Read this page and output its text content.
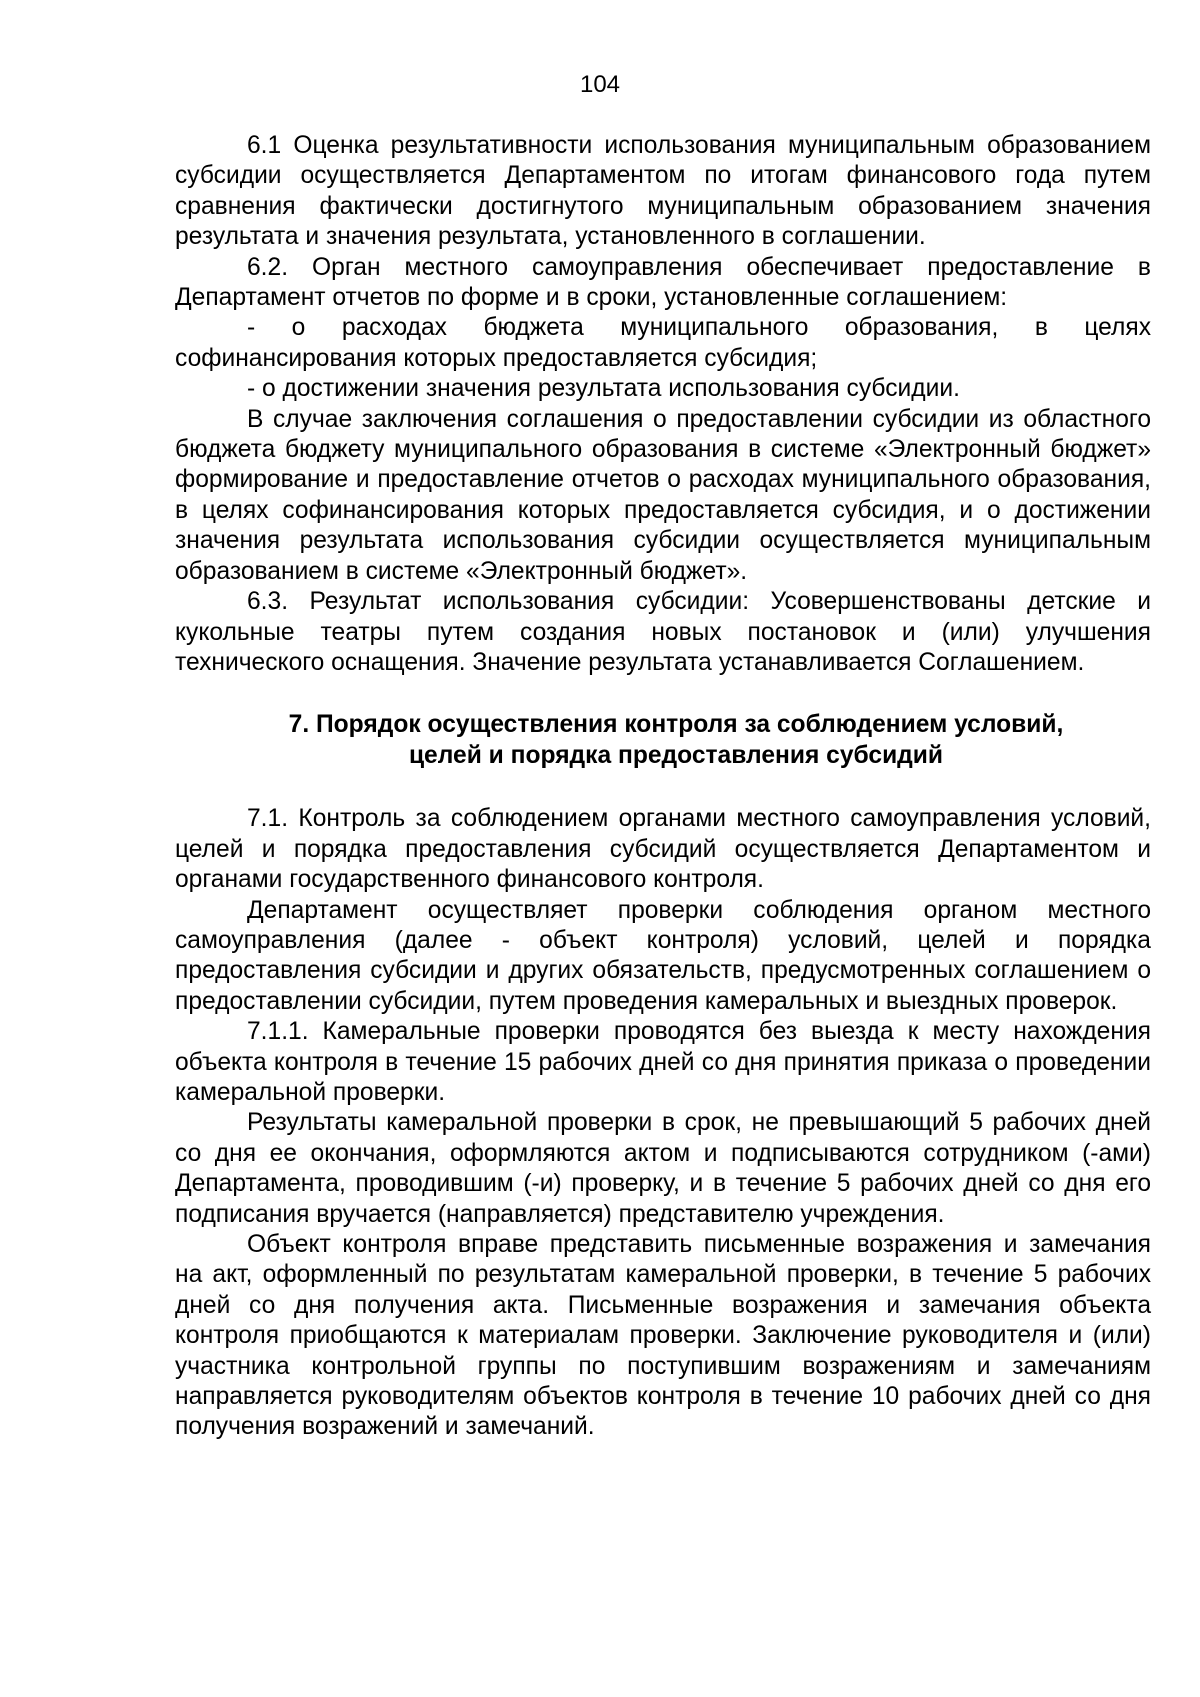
104

6.1 Оценка результативности использования муниципальным образованием субсидии осуществляется Департаментом по итогам финансового года путем сравнения фактически достигнутого муниципальным образованием значения результата и значения результата, установленного в соглашении.

6.2. Орган местного самоуправления обеспечивает предоставление в Департамент отчетов по форме и в сроки, установленные соглашением:

- о расходах бюджета муниципального образования, в целях софинансирования которых предоставляется субсидия;

- о достижении значения результата использования субсидии.

В случае заключения соглашения о предоставлении субсидии из областного бюджета бюджету муниципального образования в системе «Электронный бюджет» формирование и предоставление отчетов о расходах муниципального образования, в целях софинансирования которых предоставляется субсидия, и о достижении значения результата использования субсидии осуществляется муниципальным образованием в системе «Электронный бюджет».

6.3. Результат использования субсидии: Усовершенствованы детские и кукольные театры путем создания новых постановок и (или) улучшения технического оснащения. Значение результата устанавливается Соглашением.

7. Порядок осуществления контроля за соблюдением условий,
целей и порядка предоставления субсидий

7.1. Контроль за соблюдением органами местного самоуправления условий, целей и порядка предоставления субсидий осуществляется Департаментом и органами государственного финансового контроля.

Департамент осуществляет проверки соблюдения органом местного самоуправления (далее - объект контроля) условий, целей и порядка предоставления субсидии и других обязательств, предусмотренных соглашением о предоставлении субсидии, путем проведения камеральных и выездных проверок.

7.1.1. Камеральные проверки проводятся без выезда к месту нахождения объекта контроля в течение 15 рабочих дней со дня принятия приказа о проведении камеральной проверки.

Результаты камеральной проверки в срок, не превышающий 5 рабочих дней со дня ее окончания, оформляются актом и подписываются сотрудником (-ами) Департамента, проводившим (-и) проверку, и в течение 5 рабочих дней со дня его подписания вручается (направляется) представителю учреждения.

Объект контроля вправе представить письменные возражения и замечания на акт, оформленный по результатам камеральной проверки, в течение 5 рабочих дней со дня получения акта. Письменные возражения и замечания объекта контроля приобщаются к материалам проверки. Заключение руководителя и (или) участника контрольной группы по поступившим возражениям и замечаниям направляется руководителям объектов контроля в течение 10 рабочих дней со дня получения возражений и замечаний.
